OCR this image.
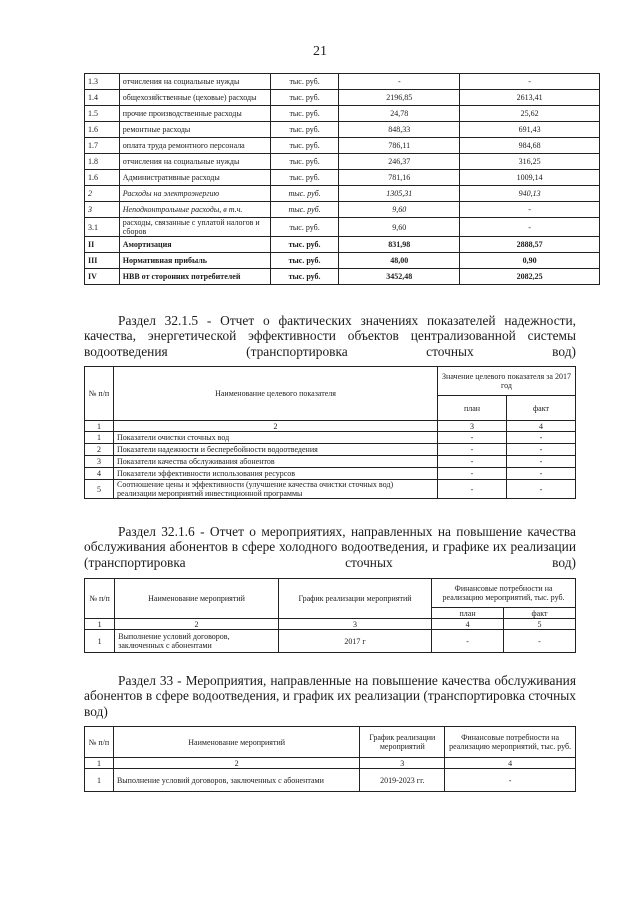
21
1.3	отчисления на социальные нужды	тыс. руб.	-	-
1.4	общехозяйственные (цеховые) расходы	тыс. руб.	2196,85	2613,41
1.5	прочие производственные расходы	тыс. руб.	24,78	25,62
1.6	ремонтные расходы	тыс. руб.	848,33	691,43
1.7	оплата труда ремонтного персонала	тыс. руб.	786,11	984,68
1.8	отчисления на социальные нужды	тыс. руб.	246,37	316,25
1.6	Административные расходы	тыс. руб.	781,16	1009,14
2	Расходы на электроэнергию	тыс. руб.	1305,31	940,13
3	Неподконтрольные расходы, в т.ч.	тыс. руб.	9,60	-
3.1	расходы, связанные с уплатой налогов и сборов	тыс. руб.	9,60	-
II	Амортизация	тыс. руб.	831,98	2888,57
III	Нормативная прибыль	тыс. руб.	48,00	0,90
IV	НВВ от сторонних потребителей	тыс. руб.	3452,48	2082,25
Раздел 32.1.5 - Отчет о фактических значениях показателей надежности, качества, энергетической эффективности объектов централизованной системы водоотведения (транспортировка сточных вод)
№ п/п	Наименование целевого показателя	Значение целевого показателя за 2017 год	
		план	факт
1	2	3	4
1	Показатели очистки сточных вод	-	-
2	Показатели надежности и бесперебойности водоотведения	-	-
3	Показатели качества обслуживания абонентов	-	-
4	Показатели эффективности использования ресурсов	-	-
5	Соотношение цены и эффективности (улучшение качества очистки сточных вод) реализации мероприятий инвестиционной программы	-	-
Раздел 32.1.6 - Отчет о мероприятиях, направленных на повышение качества обслуживания абонентов в сфере холодного водоотведения, и графике их реализации (транспортировка сточных вод)
№ п/п	Наименование мероприятий	График реализации мероприятий	Финансовые потребности на реализацию мероприятий, тыс. руб.	
			план	факт
1	2	3	4	5
1	Выполнение условий договоров, заключенных с абонентами	2017 г	-	-
Раздел 33 - Мероприятия, направленные на повышение качества обслуживания абонентов в сфере водоотведения, и график их реализации (транспортировка сточных вод)
№ п/п	Наименование мероприятий	График реализации мероприятий	Финансовые потребности на реализацию мероприятий, тыс. руб.
1	2	3	4
1	Выполнение условий договоров, заключенных с абонентами	2019-2023 гг.	-
